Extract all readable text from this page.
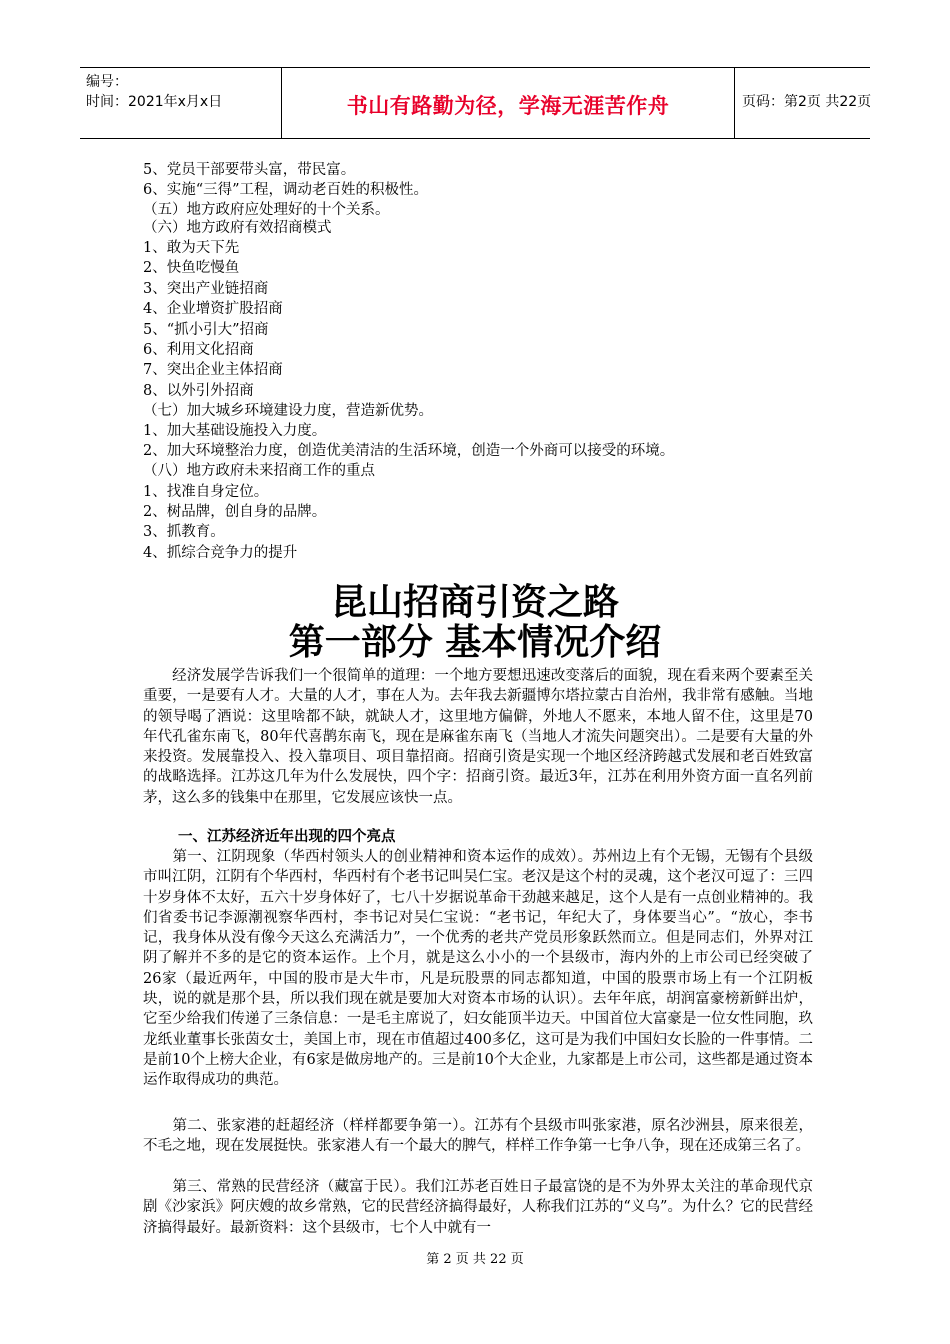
编号：
时间：2021年x月x日	书山有路勤为径，学海无涯苦作舟	页码：第2页 共22页
5、党员干部要带头富，带民富。
6、实施“三得”工程，调动老百姓的积极性。
（五）地方政府应处理好的十个关系。
（六）地方政府有效招商模式
1、敢为天下先
2、快鱼吃慢鱼
3、突出产业链招商
4、企业增资扩股招商
5、“抓小引大”招商
6、利用文化招商
7、突出企业主体招商
8、以外引外招商
（七）加大城乡环境建设力度，营造新优势。
1、加大基础设施投入力度。
2、加大环境整治力度，创造优美清洁的生活环境，创造一个外商可以接受的环境。
（八）地方政府未来招商工作的重点
1、找准自身定位。
2、树品牌，创自身的品牌。
3、抓教育。
4、抓综合竞争力的提升
昆山招商引资之路
第一部分 基本情况介绍
　　经济发展学告诉我们一个很简单的道理：一个地方要想迅速改变落后的面貌，现在看来两个要素至关重要，一是要有人才。大量的人才，事在人为。去年我去新疆博尔塔拉蒙古自治州，我非常有感触。当地的领导喝了酒说：这里啥都不缺，就缺人才，这里地方偏僻，外地人不愿来，本地人留不住，这里是70年代孔雀东南飞，80年代喜鹊东南飞，现在是麻雀东南飞（当地人才流失问题突出）。二是要有大量的外来投资。发展靠投入、投入靠项目、项目靠招商。招商引资是实现一个地区经济跨越式发展和老百姓致富的战略选择。江苏这几年为什么发展快，四个字：招商引资。最近3年，江苏在利用外资方面一直名列前茅，这么多的钱集中在那里，它发展应该快一点。
一、江苏经济近年出现的四个亮点
　　第一、江阴现象（华西村领头人的创业精神和资本运作的成效）。苏州边上有个无锡，无锡有个县级市叫江阴，江阴有个华西村，华西村有个老书记叫吴仁宝。老汉是这个村的灵魂，这个老汉可逗了：三四十岁身体不太好，五六十岁身体好了，七八十岁据说革命干劲越来越足，这个人是有一点创业精神的。我们省委书记李源潮视察华西村，李书记对吴仁宝说：“老书记，年纪大了，身体要当心”。“放心，李书记，我身体从没有像今天这么充满活力”，一个优秀的老共产党员形象跃然而立。但是同志们，外界对江阴了解并不多的是它的资本运作。上个月，就是这么小小的一个县级市，海内外的上市公司已经突破了26家（最近两年，中国的股市是大牛市，凡是玩股票的同志都知道，中国的股票市场上有一个江阴板块，说的就是那个县，所以我们现在就是要加大对资本市场的认识）。去年年底，胡润富豪榜新鲜出炉，它至少给我们传递了三条信息：一是毛主席说了，妇女能顶半边天。中国首位大富豪是一位女性同胞，玖龙纸业董事长张茵女士，美国上市，现在市值超过400多亿，这可是为我们中国妇女长脸的一件事情。二是前10个上榜大企业，有6家是做房地产的。三是前10个大企业，九家都是上市公司，这些都是通过资本运作取得成功的典范。
　　第二、张家港的赶超经济（样样都要争第一）。江苏有个县级市叫张家港，原名沙洲县，原来很差，不毛之地，现在发展挺快。张家港人有一个最大的脾气，样样工作争第一七争八争，现在还成第三名了。
　　第三、常熟的民营经济（藏富于民）。我们江苏老百姓日子最富饶的是不为外界太关注的革命现代京剧《沙家浜》阿庆嫂的故乡常熟，它的民营经济搞得最好，人称我们江苏的“义乌”。为什么？它的民营经济搞得最好。最新资料：这个县级市，七个人中就有一
第 2 页 共 22 页
